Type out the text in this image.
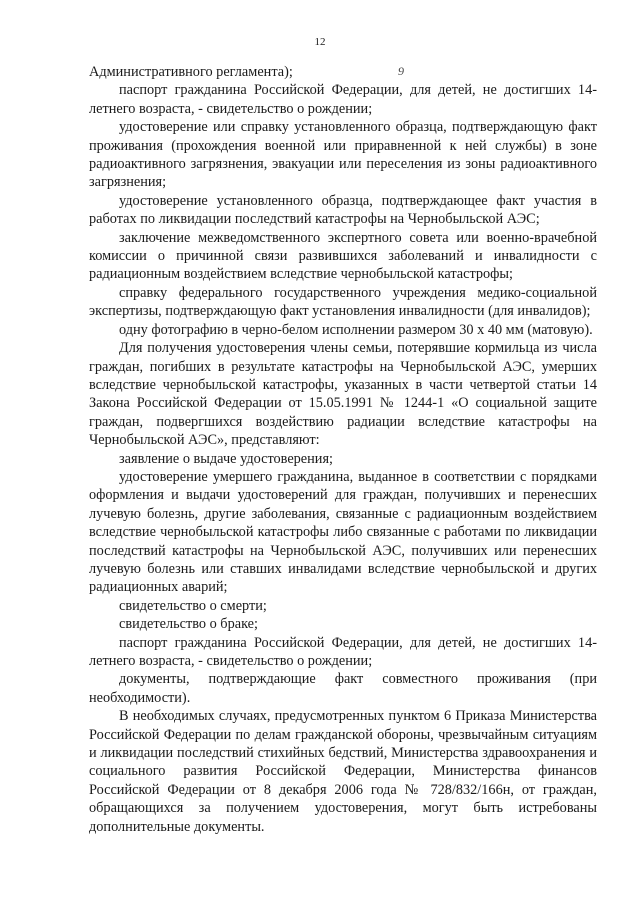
12
9

Административного регламента);

паспорт гражданина Российской Федерации, для детей, не достигших 14-летнего возраста, - свидетельство о рождении;

удостоверение или справку установленного образца, подтверждающую факт проживания (прохождения военной или приравненной к ней службы) в зоне радиоактивного загрязнения, эвакуации или переселения из зоны радиоактивного загрязнения;

удостоверение установленного образца, подтверждающее факт участия в работах по ликвидации последствий катастрофы на Чернобыльской АЭС;

заключение межведомственного экспертного совета или военно-врачебной комиссии о причинной связи развившихся заболеваний и инвалидности с радиационным воздействием вследствие чернобыльской катастрофы;

справку федерального государственного учреждения медико-социальной экспертизы, подтверждающую факт установления инвалидности (для инвалидов);

одну фотографию в черно-белом исполнении размером 30 х 40 мм (матовую).

Для получения удостоверения члены семьи, потерявшие кормильца из числа граждан, погибших в результате катастрофы на Чернобыльской АЭС, умерших вследствие чернобыльской катастрофы, указанных в части четвертой статьи 14 Закона Российской Федерации от 15.05.1991 № 1244-1 «О социальной защите граждан, подвергшихся воздействию радиации вследствие катастрофы на Чернобыльской АЭС», представляют:

заявление о выдаче удостоверения;

удостоверение умершего гражданина, выданное в соответствии с порядками оформления и выдачи удостоверений для граждан, получивших и перенесших лучевую болезнь, другие заболевания, связанные с радиационным воздействием вследствие чернобыльской катастрофы либо связанные с работами по ликвидации последствий катастрофы на Чернобыльской АЭС, получивших или перенесших лучевую болезнь или ставших инвалидами вследствие чернобыльской и других радиационных аварий;

свидетельство о смерти;

свидетельство о браке;

паспорт гражданина Российской Федерации, для детей, не достигших 14-летнего возраста, - свидетельство о рождении;

документы, подтверждающие факт совместного проживания (при необходимости).

В необходимых случаях, предусмотренных пунктом 6 Приказа Министерства Российской Федерации по делам гражданской обороны, чрезвычайным ситуациям и ликвидации последствий стихийных бедствий, Министерства здравоохранения и социального развития Российской Федерации, Министерства финансов Российской Федерации от 8 декабря 2006 года № 728/832/166н, от граждан, обращающихся за получением удостоверения, могут быть истребованы дополнительные документы.
